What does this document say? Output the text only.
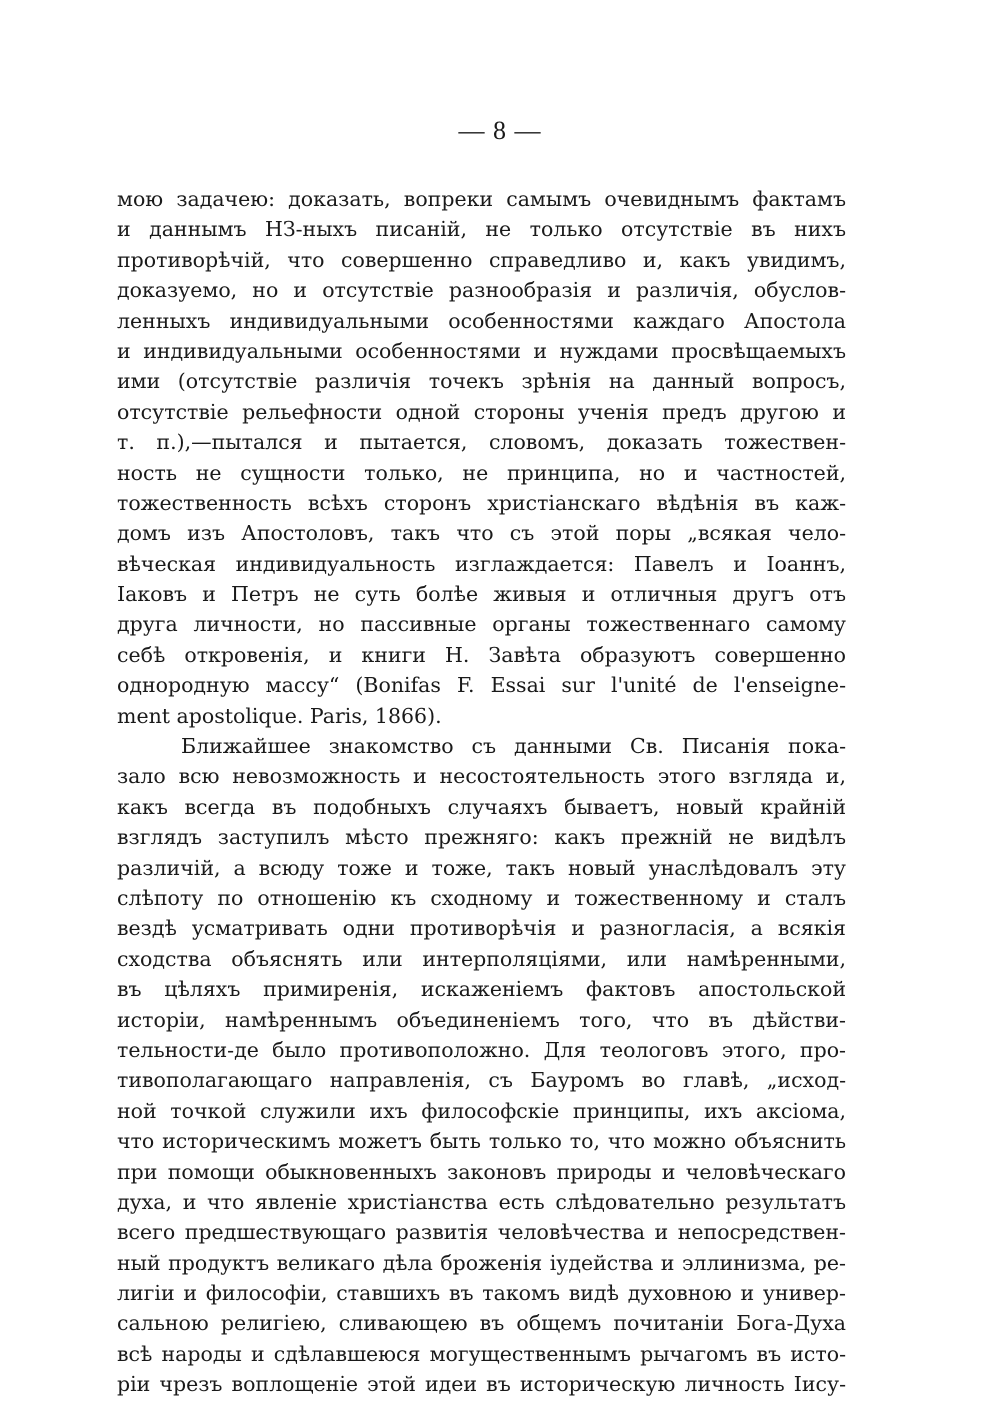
— 8 —
мою задачею: доказать, вопреки самымъ очевиднымъ фактамъ
и даннымъ НЗ-ныхъ писаній, не только отсутствіе въ нихъ
противорѣчій, что совершенно справедливо и, какъ увидимъ,
доказуемо, но и отсутствіе разнообразія и различія, обуслов-
ленныхъ индивидуальными особенностями каждаго Апостола
и индивидуальными особенностями и нуждами просвѣщаемыхъ
ими (отсутствіе различія точекъ зрѣнія на данный вопросъ,
отсутствіе рельефности одной стороны ученія предъ другою и
т. п.),—пытался и пытается, словомъ, доказать тожествен-
ность не сущности только, не принципа, но и частностей,
тожественность всѣхъ сторонъ христіанскаго вѣдѣнія въ каж-
домъ изъ Апостоловъ, такъ что съ этой поры „всякая чело-
вѣческая индивидуальность изглаждается: Павелъ и Іоаннъ,
Іаковъ и Петръ не суть болѣе живыя и отличныя другъ отъ
друга личности, но пассивные органы тожественнаго самому
себѣ откровенія, и книги Н. Завѣта образуютъ совершенно
однородную массу“ (Bonifas F. Essai sur l'unité de l'enseigne-
ment apostolique. Paris, 1866).
Ближайшее знакомство съ данными Св. Писанія пока-
зало всю невозможность и несостоятельность этого взгляда и,
какъ всегда въ подобныхъ случаяхъ бываетъ, новый крайній
взглядъ заступилъ мѣсто прежняго: какъ прежній не видѣлъ
различій, а всюду тоже и тоже, такъ новый унаслѣдовалъ эту
слѣпоту по отношенію къ сходному и тожественному и сталъ
вездѣ усматривать одни противорѣчія и разногласія, а всякія
сходства объяснять или интерполяціями, или намѣренными,
въ цѣляхъ примиренія, искаженіемъ фактовъ апостольской
исторіи, намѣреннымъ объединеніемъ того, что въ дѣйстви-
тельности-де было противоположно. Для теологовъ этого, про-
тивополагающаго направленія, съ Бауромъ во главѣ, „исход-
ной точкой служили ихъ философскіе принципы, ихъ аксіома,
что историческимъ можетъ быть только то, что можно объяснить
при помощи обыкновенныхъ законовъ природы и человѣческаго
духа, и что явленіе христіанства есть слѣдовательно результатъ
всего предшествующаго развитія человѣчества и непосредствен-
ный продуктъ великаго дѣла броженія іудейства и эллинизма, ре-
лигіи и философіи, ставшихъ въ такомъ видѣ духовною и универ-
сальною религіею, сливающею въ общемъ почитаніи Бога-Духа
всѣ народы и сдѣлавшеюся могущественнымъ рычагомъ въ исто-
ріи чрезъ воплощеніе этой идеи въ историческую личность Іису-
